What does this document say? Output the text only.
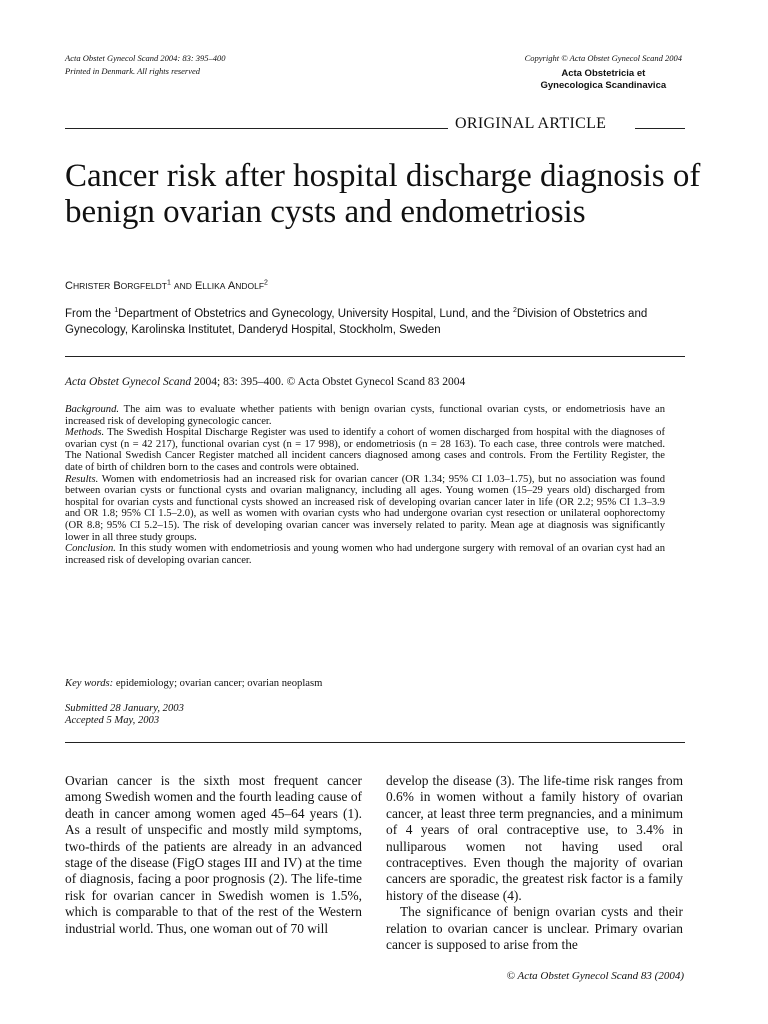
Acta Obstet Gynecol Scand 2004: 83: 395–400
Printed in Denmark. All rights reserved
Copyright © Acta Obstet Gynecol Scand 2004
Acta Obstetricia et
Gynecologica Scandinavica
ORIGINAL ARTICLE
Cancer risk after hospital discharge diagnosis of benign ovarian cysts and endometriosis
CHRISTER BORGFELDT$^1$ AND ELLIKA ANDOLF$^2$
From the $^1$Department of Obstetrics and Gynecology, University Hospital, Lund, and the $^2$Division of Obstetrics and Gynecology, Karolinska Institutet, Danderyd Hospital, Stockholm, Sweden
Acta Obstet Gynecol Scand 2004; 83: 395–400. © Acta Obstet Gynecol Scand 83 2004

Background. The aim was to evaluate whether patients with benign ovarian cysts, functional ovarian cysts, or endometriosis have an increased risk of developing gynecologic cancer.

Methods. The Swedish Hospital Discharge Register was used to identify a cohort of women discharged from hospital with the diagnoses of ovarian cyst (n = 42 217), functional ovarian cyst (n = 17 998), or endometriosis (n = 28 163). To each case, three controls were matched. The National Swedish Cancer Register matched all incident cancers diagnosed among cases and controls. From the Fertility Register, the date of birth of children born to the cases and controls were obtained.

Results. Women with endometriosis had an increased risk for ovarian cancer (OR 1.34; 95% CI 1.03–1.75), but no association was found between ovarian cysts or functional cysts and ovarian malignancy, including all ages. Young women (15–29 years old) discharged from hospital for ovarian cysts and functional cysts showed an increased risk of developing ovarian cancer later in life (OR 2.2; 95% CI 1.3–3.9 and OR 1.8; 95% CI 1.5–2.0), as well as women with ovarian cysts who had undergone ovarian cyst resection or unilateral oophorectomy (OR 8.8; 95% CI 5.2–15). The risk of developing ovarian cancer was inversely related to parity. Mean age at diagnosis was significantly lower in all three study groups.

Conclusion. In this study women with endometriosis and young women who had undergone surgery with removal of an ovarian cyst had an increased risk of developing ovarian cancer.

Key words: epidemiology; ovarian cancer; ovarian neoplasm
Submitted 28 January, 2003
Accepted 5 May, 2003

Ovarian cancer is the sixth most frequent cancer among Swedish women and the fourth leading cause of death in cancer among women aged 45–64 years (1). As a result of unspecific and mostly mild symptoms, two-thirds of the patients are already in an advanced stage of the disease (FigO stages III and IV) at the time of diagnosis, facing a poor prognosis (2). The life-time risk for ovarian cancer in Swedish women is 1.5%, which is comparable to that of the rest of the Western industrial world. Thus, one woman out of 70 will

develop the disease (3). The life-time risk ranges from 0.6% in women without a family history of ovarian cancer, at least three term pregnancies, and a minimum of 4 years of oral contraceptive use, to 3.4% in nulliparous women not having used oral contraceptives. Even though the majority of ovarian cancers are sporadic, the greatest risk factor is a family history of the disease (4).

The significance of benign ovarian cysts and their relation to ovarian cancer is unclear. Primary ovarian cancer is supposed to arise from the

© Acta Obstet Gynecol Scand 83 (2004)
